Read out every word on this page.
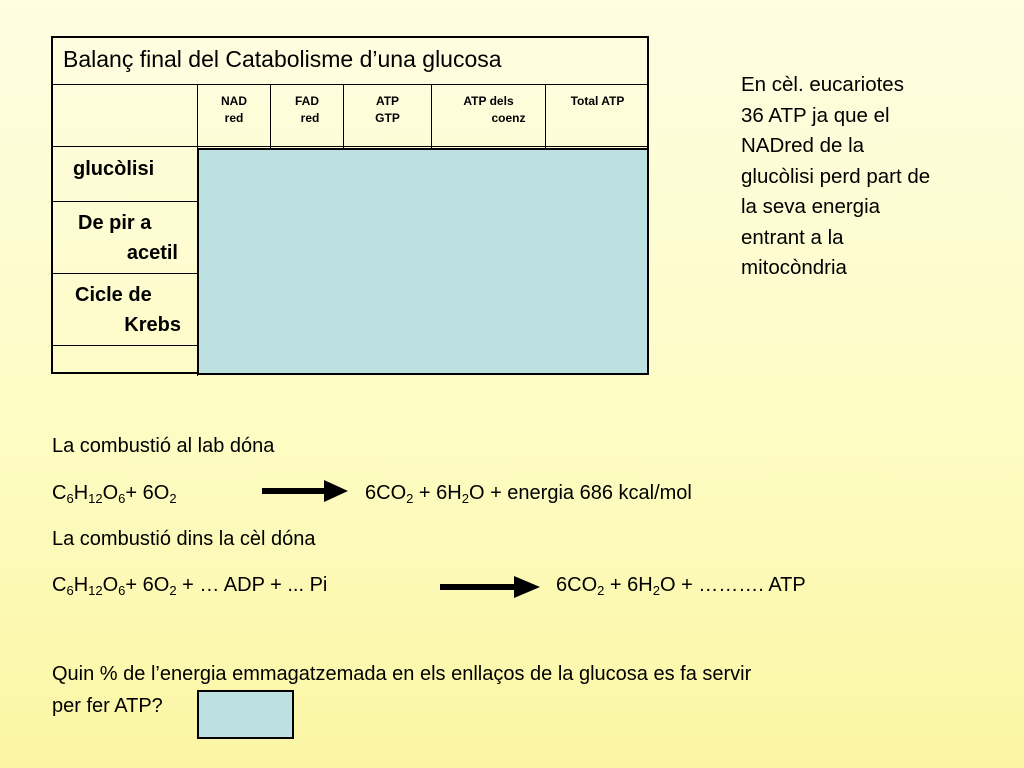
Balanç final del Catabolisme d’una glucosa
NAD
red
FAD
red
ATP
GTP
ATP dels
coenz
Total ATP
glucòlisi
De pir a
acetil
Cicle de
Krebs
En cèl. eucariotes
36 ATP ja que el
NADred de la
glucòlisi perd part de
la seva energia
entrant a la
mitocòndria
La combustió al lab dóna
$C_6H_{12}O_6+ 6O_2$	$6CO_2 + 6H_2O$ + energia 686 kcal/mol
La combustió dins la cèl dóna
$C_6H_{12}O_6+ 6O_2$ + … ADP + ... Pi	$6CO_2 + 6H_2O$ + ………. ATP
Quin % de l’energia emmagatzemada en els enllaços de la glucosa es fa servir
per fer ATP?
